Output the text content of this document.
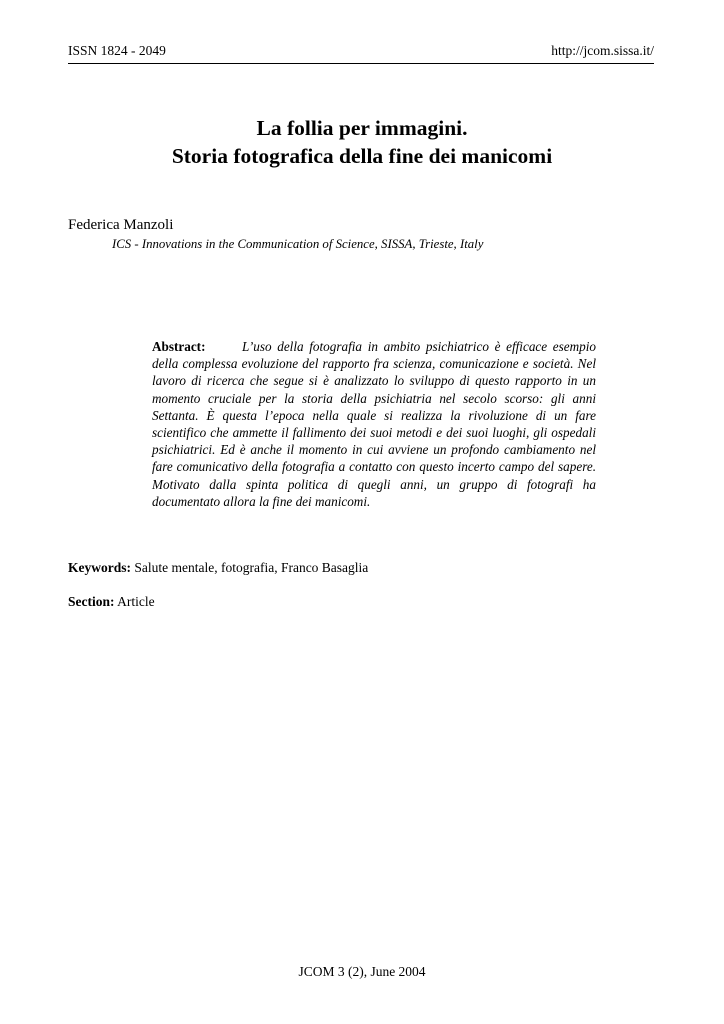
ISSN 1824 - 2049	http://jcom.sissa.it/
La follia per immagini.
Storia fotografica della fine dei manicomi
Federica Manzoli
ICS - Innovations in the Communication of Science, SISSA, Trieste, Italy
Abstract:	L’uso della fotografia in ambito psichiatrico è efficace esempio della complessa evoluzione del rapporto fra scienza, comunicazione e società. Nel lavoro di ricerca che segue si è analizzato lo sviluppo di questo rapporto in un momento cruciale per la storia della psichiatria nel secolo scorso: gli anni Settanta. È questa l’epoca nella quale si realizza la rivoluzione di un fare scientifico che ammette il fallimento dei suoi metodi e dei suoi luoghi, gli ospedali psichiatrici. Ed è anche il momento in cui avviene un profondo cambiamento nel fare comunicativo della fotografia a contatto con questo incerto campo del sapere. Motivato dalla spinta politica di quegli anni, un gruppo di fotografi ha documentato allora la fine dei manicomi.
Keywords: Salute mentale, fotografia, Franco Basaglia
Section: Article
JCOM 3 (2), June 2004
